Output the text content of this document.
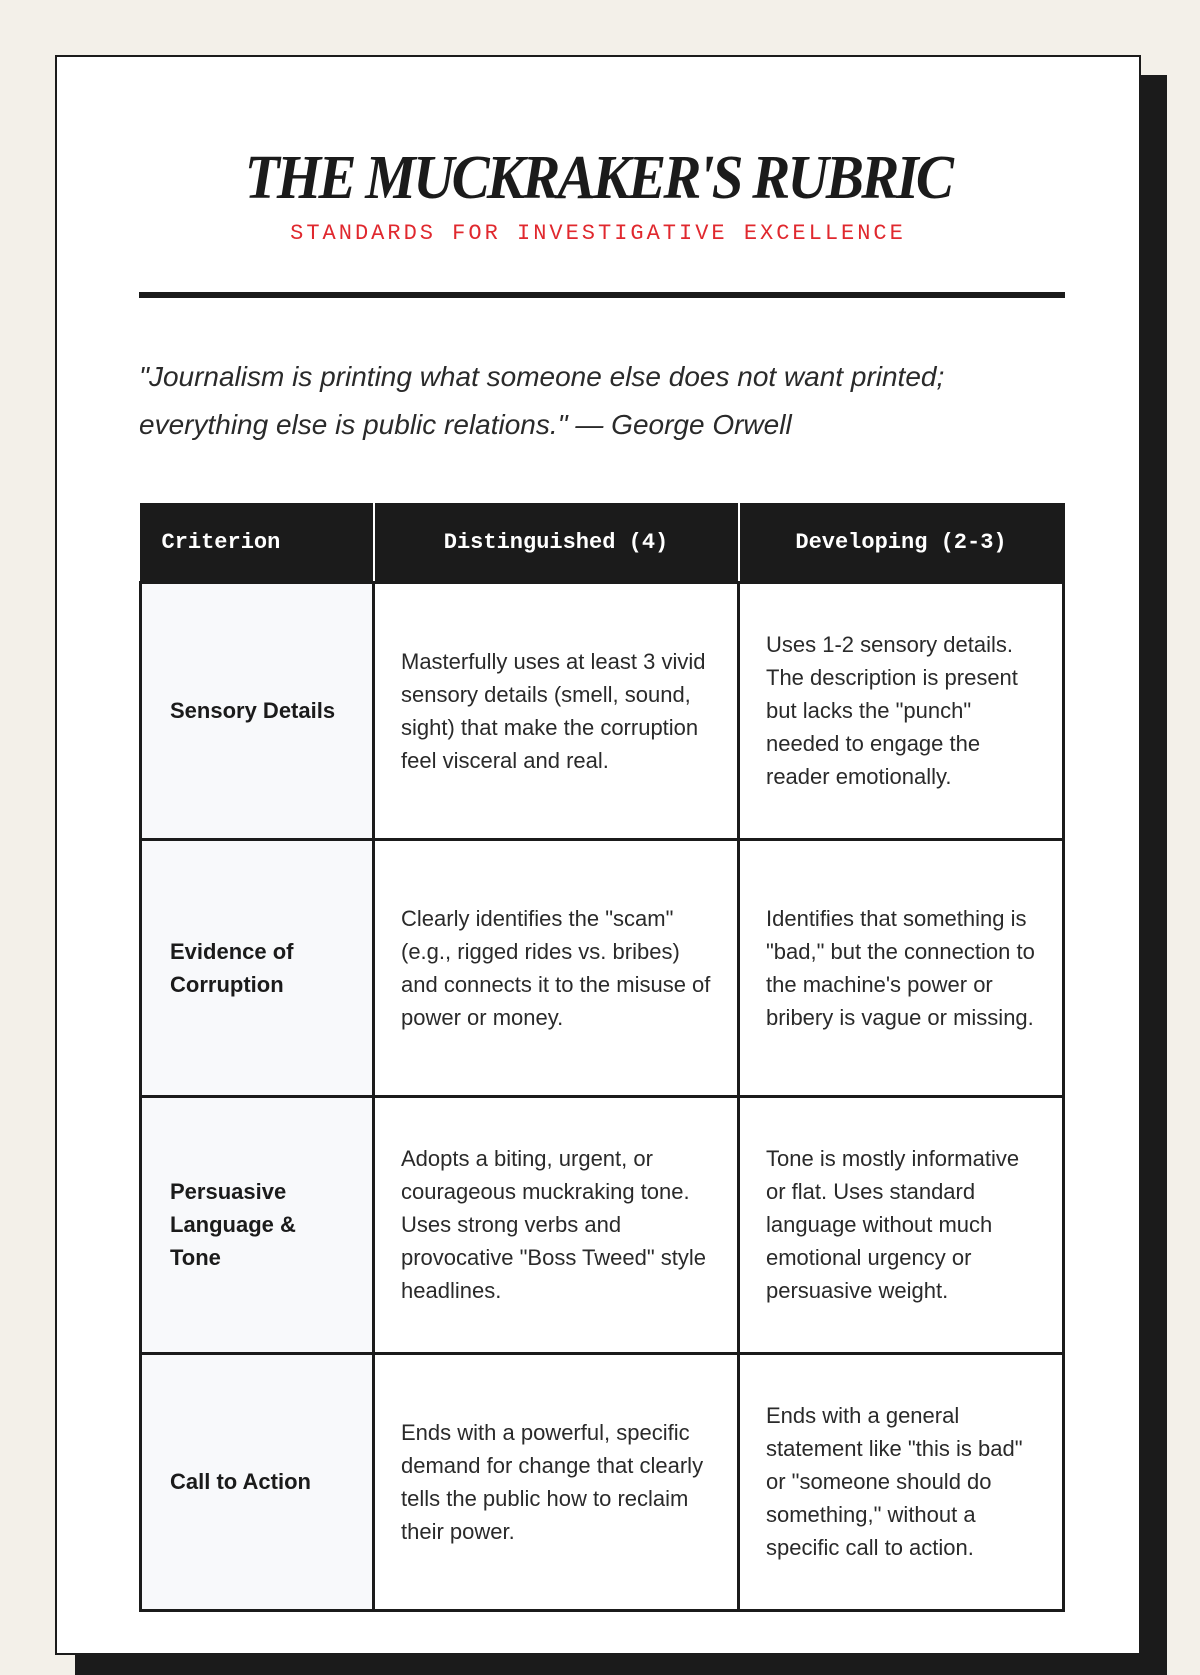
THE MUCKRAKER'S RUBRIC
STANDARDS FOR INVESTIGATIVE EXCELLENCE
"Journalism is printing what someone else does not want printed; everything else is public relations." — George Orwell
Criterion	Distinguished (4)	Developing (2-3)
Sensory Details	Masterfully uses at least 3 vivid sensory details (smell, sound, sight) that make the corruption feel visceral and real.	Uses 1-2 sensory details. The description is present but lacks the "punch" needed to engage the reader emotionally.
Evidence of Corruption	Clearly identifies the "scam" (e.g., rigged rides vs. bribes) and connects it to the misuse of power or money.	Identifies that something is "bad," but the connection to the machine's power or bribery is vague or missing.
Persuasive Language & Tone	Adopts a biting, urgent, or courageous muckraking tone. Uses strong verbs and provocative "Boss Tweed" style headlines.	Tone is mostly informative or flat. Uses standard language without much emotional urgency or persuasive weight.
Call to Action	Ends with a powerful, specific demand for change that clearly tells the public how to reclaim their power.	Ends with a general statement like "this is bad" or "someone should do something," without a specific call to action.
